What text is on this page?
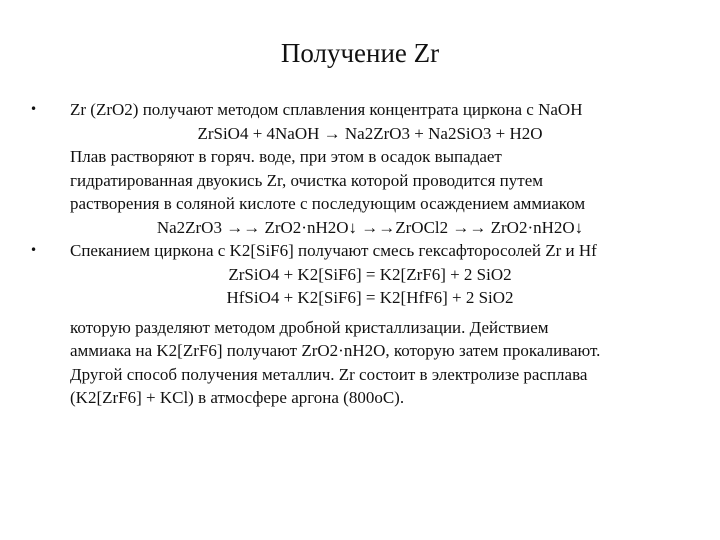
Получение Zr
• Zr (ZrO2) получают методом сплавления концентрата циркона с NaOH
ZrSiO4 + 4NaOH → Na2ZrO3 + Na2SiO3 + H2O
Плав растворяют в горяч. воде, при этом в осадок выпадает
гидратированная двуокись Zr, очистка которой проводится путем
растворения в соляной кислоте с последующим осаждением аммиаком
Na2ZrO3 →→ ZrO2·nH2O↓ →→ZrOCl2 →→ ZrO2·nH2O↓
• Спеканием циркона с K2[SiF6] получают смесь гексафторосолей Zr и Hf
ZrSiO4 + K2[SiF6] = K2[ZrF6] + 2 SiO2
HfSiO4 + K2[SiF6] = K2[HfF6] + 2 SiO2
которую разделяют методом дробной кристаллизации. Действием
аммиака на K2[ZrF6] получают ZrO2·nH2O, которую затем прокаливают.
Другой способ получения металлич. Zr состоит в электролизе расплава
(K2[ZrF6] + KCl) в атмосфере аргона (800oC).
